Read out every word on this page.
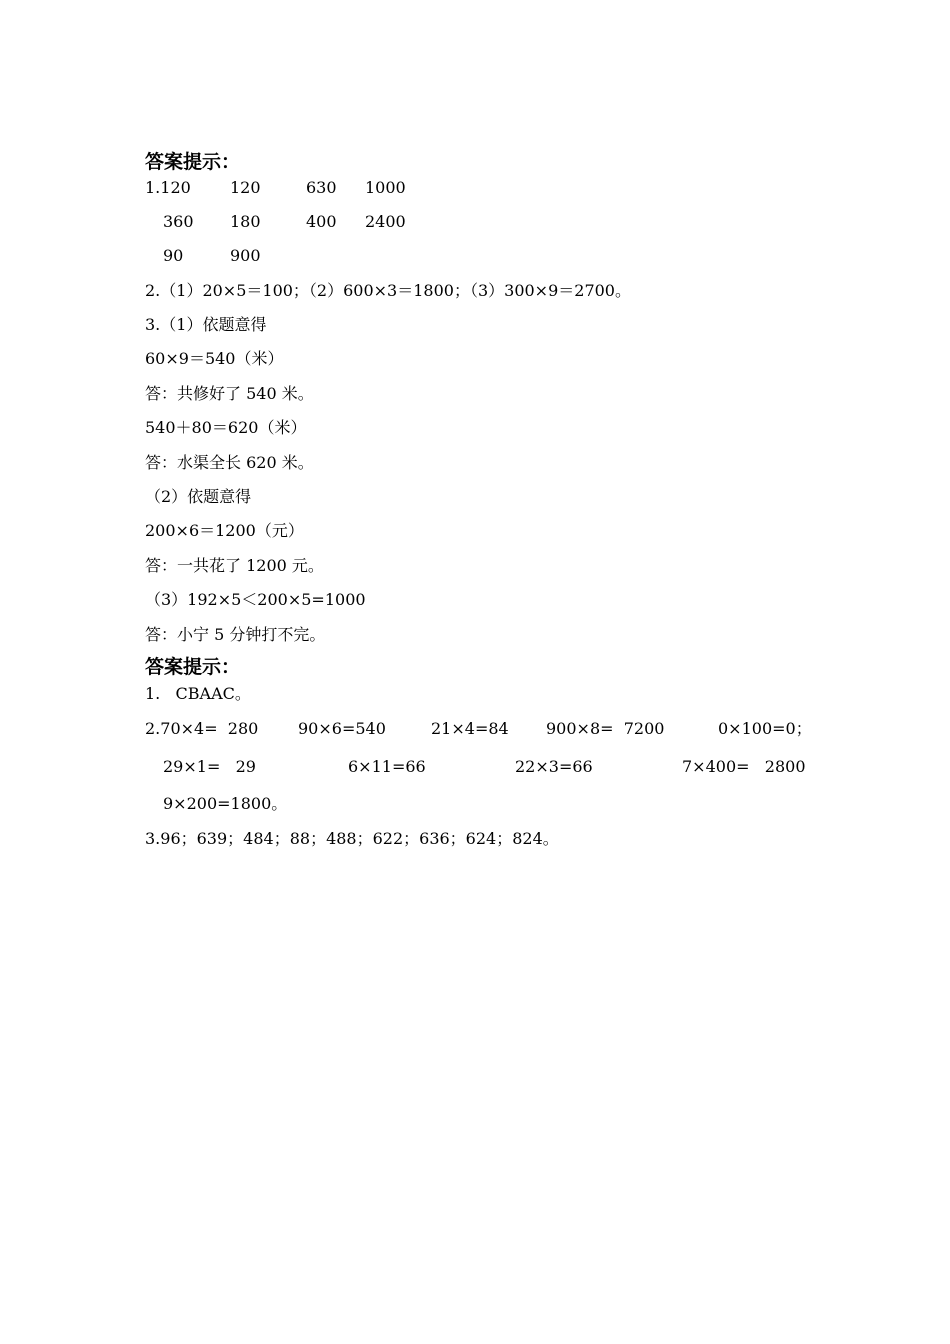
答案提示：
1.120 120	630 1000
360 180	400 2400
90	900
2.（1）20×5＝100；（2）600×3＝1800；（3）300×9＝2700。
3.（1）依题意得
60×9＝540（米）
答：共修好了 540 米。
540＋80＝620（米）
答：水渠全长 620 米。
（2）依题意得
200×6＝1200（元）
答：一共花了 1200 元。
（3）192×5＜200×5=1000
答：小宁 5 分钟打不完。
答案提示：
1.   CBAAC。
2.70×4=  280 90×6=540	21×4=84 900×8=  7200	0×100=0；
29×1=   29	6×11=66	22×3=66	7×400=   2800
9×200=1800。
3.96；639；484；88；488；622；636；624；824。
